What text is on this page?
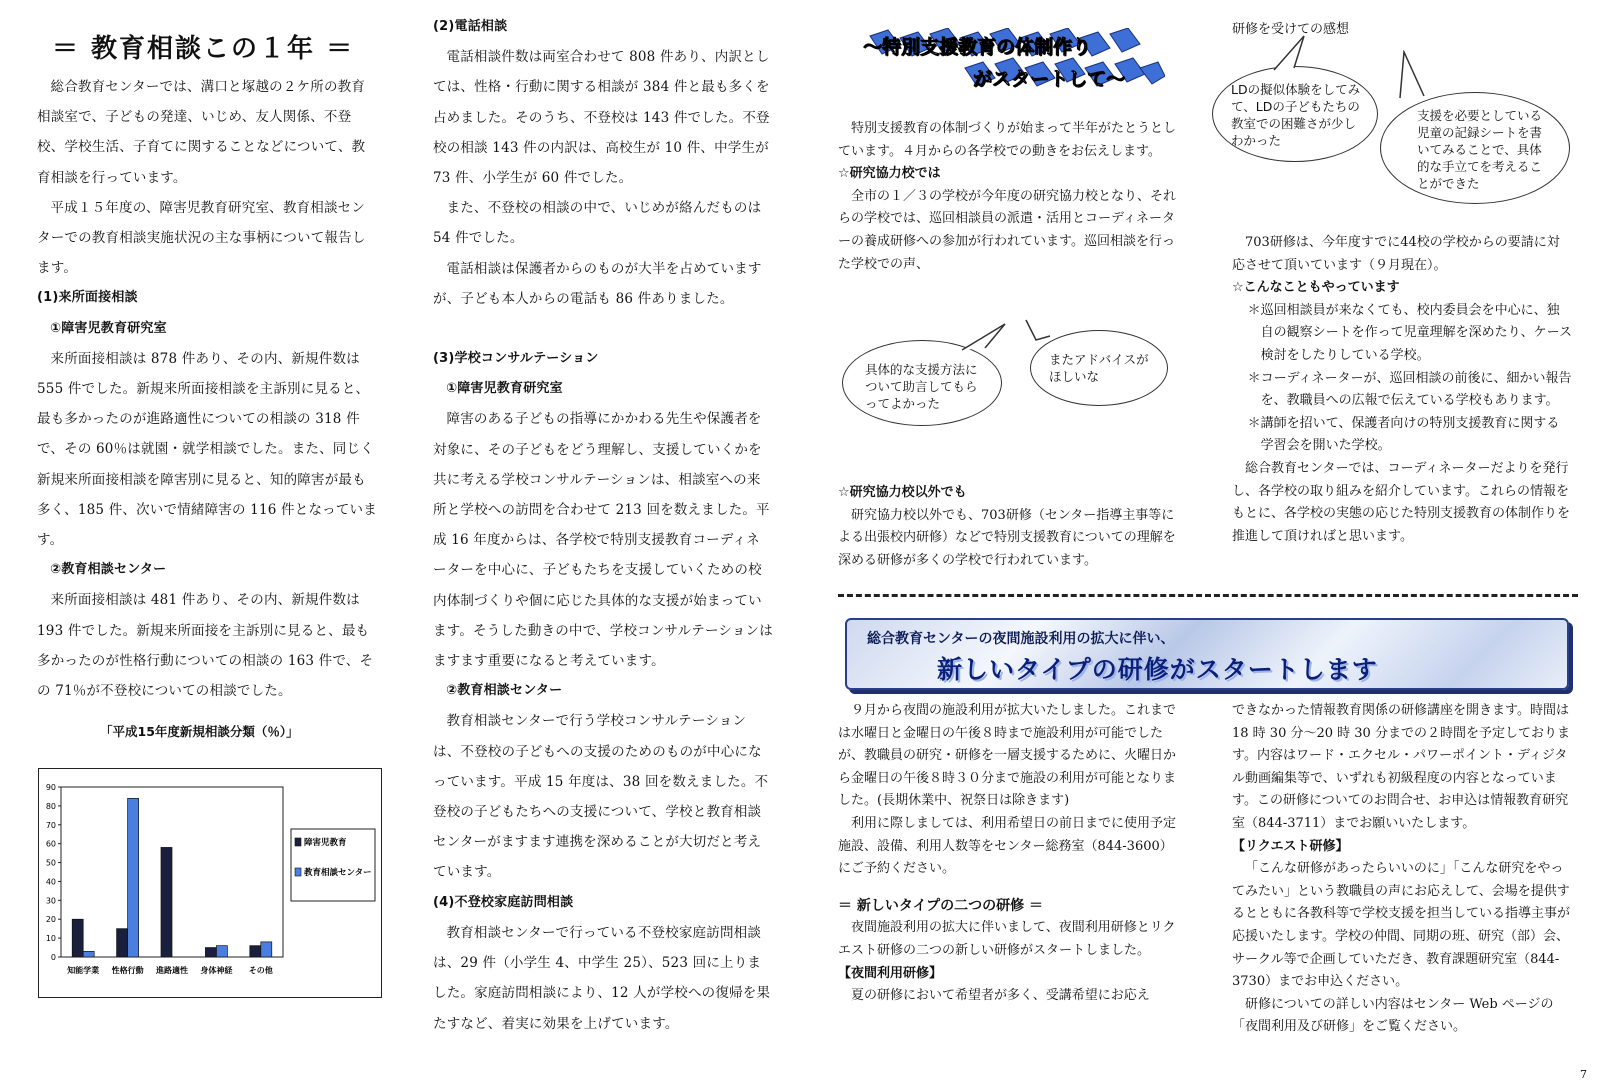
＝ 教育相談この１年 ＝

総合教育センターでは、溝口と塚越の２ケ所の教育相談室で、子どもの発達、いじめ、友人関係、不登校、学校生活、子育てに関することなどについて、教育相談を行っています。

平成１５年度の、障害児教育研究室、教育相談センターでの教育相談実施状況の主な事柄について報告します。

(1)来所面接相談
①障害児教育研究室

来所面接相談は 878 件あり、その内、新規件数は 555 件でした。新規来所面接相談を主訴別に見ると、最も多かったのが進路適性についての相談の 318 件で、その 60％は就園・就学相談でした。また、同じく新規来所面接相談を障害別に見ると、知的障害が最も多く、185 件、次いで情緒障害の 116 件となっています。

②教育相談センター

来所面接相談は 481 件あり、その内、新規件数は 193 件でした。新規来所面接を主訴別に見ると、最も多かったのが性格行動についての相談の 163 件で、その 71％が不登校についての相談でした。

「平成15年度新規相談分類（％）」
0
10
20
30
40
50
60
70
80
90
知能学業 性格行動 進路適性 身体神経 その他
障害児教育
教育相談センター
(2)電話相談

電話相談件数は両室合わせて 808 件あり、内訳としては、性格・行動に関する相談が 384 件と最も多くを占めました。そのうち、不登校は 143 件でした。不登校の相談 143 件の内訳は、高校生が 10 件、中学生が 73 件、小学生が 60 件でした。

また、不登校の相談の中で、いじめが絡んだものは 54 件でした。

電話相談は保護者からのものが大半を占めていますが、子ども本人からの電話も 86 件ありました。

(3)学校コンサルテーション
①障害児教育研究室

障害のある子どもの指導にかかわる先生や保護者を対象に、その子どもをどう理解し、支援していくかを共に考える学校コンサルテーションは、相談室への来所と学校への訪問を合わせて 213 回を数えました。平成 16 年度からは、各学校で特別支援教育コーディネーターを中心に、子どもたちを支援していくための校内体制づくりや個に応じた具体的な支援が始まっています。そうした動きの中で、学校コンサルテーションはますます重要になると考えています。

②教育相談センター

教育相談センターで行う学校コンサルテーションは、不登校の子どもへの支援のためのものが中心になっています。平成 15 年度は、38 回を数えました。不登校の子どもたちへの支援について、学校と教育相談センターがますます連携を深めることが大切だと考えています。

(4)不登校家庭訪問相談

教育相談センターで行っている不登校家庭訪問相談は、29 件（小学生 4、中学生 25）、523 回に上りました。家庭訪問相談により、12 人が学校への復帰を果たすなど、着実に効果を上げています。

～特別支援教育の体制作り
がスタートして～

特別支援教育の体制づくりが始まって半年がたとうとしています。４月からの各学校での動きをお伝えします。

☆研究協力校では

全市の１／３の学校が今年度の研究協力校となり、それらの学校では、巡回相談員の派遣・活用とコーディネーターの養成研修への参加が行われています。巡回相談を行った学校での声、

具体的な支援方法について助言してもらってよかった
またアドバイスがほしいな
☆研究協力校以外でも

研究協力校以外でも、703研修（センター指導主事等による出張校内研修）などで特別支援教育についての理解を深める研修が多くの学校で行われています。

研修を受けての感想
LDの擬似体験をしてみて、LDの子どもたちの教室での困難さが少しわかった
支援を必要としている児童の記録シートを書いてみることで、具体的な手立てを考えることができた

703研修は、今年度すでに44校の学校からの要請に対応させて頂いています（９月現在）。

☆こんなこともやっています
＊巡回相談員が来なくても、校内委員会を中心に、独自の観察シートを作って児童理解を深めたり、ケース検討をしたりしている学校。
＊コーディネーターが、巡回相談の前後に、細かい報告を、教職員への広報で伝えている学校もあります。
＊講師を招いて、保護者向けの特別支援教育に関する学習会を開いた学校。

総合教育センターでは、コーディネーターだよりを発行し、各学校の取り組みを紹介しています。これらの情報をもとに、各学校の実態の応じた特別支援教育の体制作りを推進して頂ければと思います。

総合教育センターの夜間施設利用の拡大に伴い、
新しいタイプの研修がスタートします

９月から夜間の施設利用が拡大いたしました。これまでは水曜日と金曜日の午後８時まで施設利用が可能でしたが、教職員の研究・研修を一層支援するために、火曜日から金曜日の午後８時３０分まで施設の利用が可能となりました。(長期休業中、祝祭日は除きます)

利用に際しましては、利用希望日の前日までに使用予定施設、設備、利用人数等をセンター総務室（844-3600）にご予約ください。

＝ 新しいタイプの二つの研修 ＝

夜間施設利用の拡大に伴いまして、夜間利用研修とリクエスト研修の二つの新しい研修がスタートしました。

【夜間利用研修】

夏の研修において希望者が多く、受講希望にお応え

できなかった情報教育関係の研修講座を開きます。時間は 18 時 30 分～20 時 30 分までの２時間を予定しております。内容はワード・エクセル・パワーポイント・ディジタル動画編集等で、いずれも初級程度の内容となっています。この研修についてのお問合せ、お申込は情報教育研究室（844-3711）までお願いいたします。
【リクエスト研修】

「こんな研修があったらいいのに」「こんな研究をやってみたい」という教職員の声にお応えして、会場を提供するとともに各教科等で学校支援を担当している指導主事が応援いたします。学校の仲間、同期の班、研究（部）会、サークル等で企画していただき、教育課題研究室（844-3730）までお申込ください。

研修についての詳しい内容はセンター Web ページの「夜間利用及び研修」をご覧ください。

7
